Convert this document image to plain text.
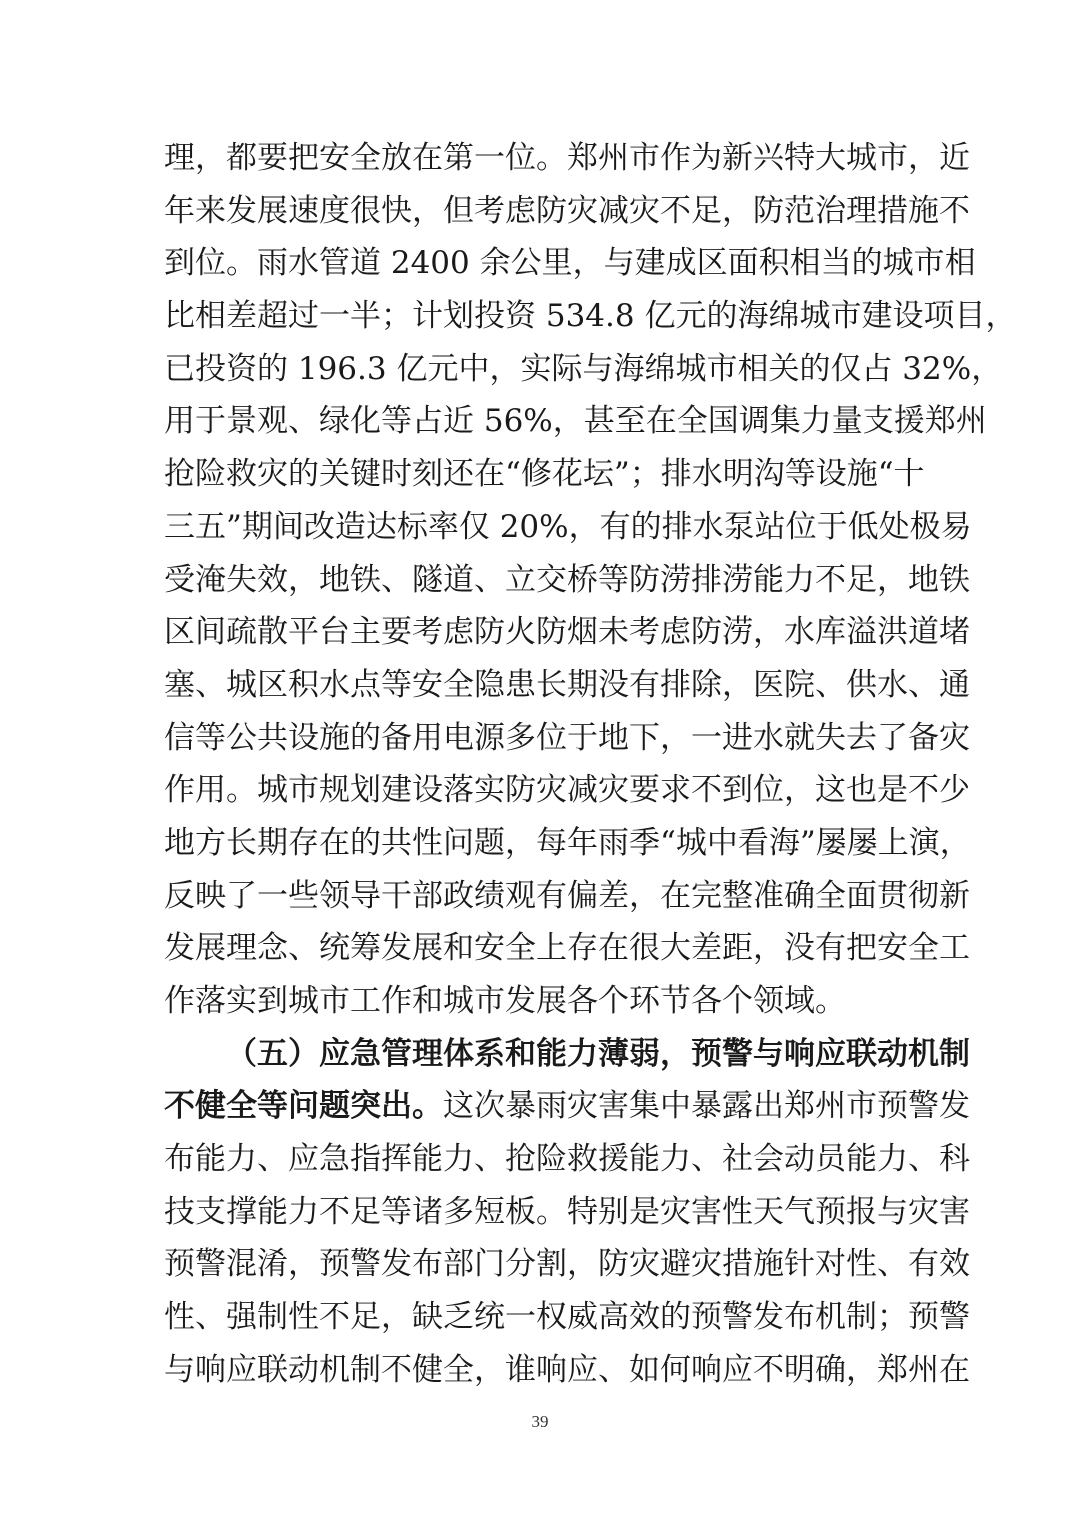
理，都要把安全放在第一位。郑州市作为新兴特大城市，近
年来发展速度很快，但考虑防灾减灾不足，防范治理措施不
到位。雨水管道 2400 余公里，与建成区面积相当的城市相
比相差超过一半；计划投资 534.8 亿元的海绵城市建设项目，
已投资的 196.3 亿元中，实际与海绵城市相关的仅占 32%，
用于景观、绿化等占近 56%，甚至在全国调集力量支援郑州
抢险救灾的关键时刻还在“修花坛”；排水明沟等设施“十
三五”期间改造达标率仅 20%，有的排水泵站位于低处极易
受淹失效，地铁、隧道、立交桥等防涝排涝能力不足，地铁
区间疏散平台主要考虑防火防烟未考虑防涝，水库溢洪道堵
塞、城区积水点等安全隐患长期没有排除，医院、供水、通
信等公共设施的备用电源多位于地下，一进水就失去了备灾
作用。城市规划建设落实防灾减灾要求不到位，这也是不少
地方长期存在的共性问题，每年雨季“城中看海”屡屡上演，
反映了一些领导干部政绩观有偏差，在完整准确全面贯彻新
发展理念、统筹发展和安全上存在很大差距，没有把安全工
作落实到城市工作和城市发展各个环节各个领域。
（五）应急管理体系和能力薄弱，预警与响应联动机制
不健全等问题突出。这次暴雨灾害集中暴露出郑州市预警发
布能力、应急指挥能力、抢险救援能力、社会动员能力、科
技支撑能力不足等诸多短板。特别是灾害性天气预报与灾害
预警混淆，预警发布部门分割，防灾避灾措施针对性、有效
性、强制性不足，缺乏统一权威高效的预警发布机制；预警
与响应联动机制不健全，谁响应、如何响应不明确，郑州在
39
